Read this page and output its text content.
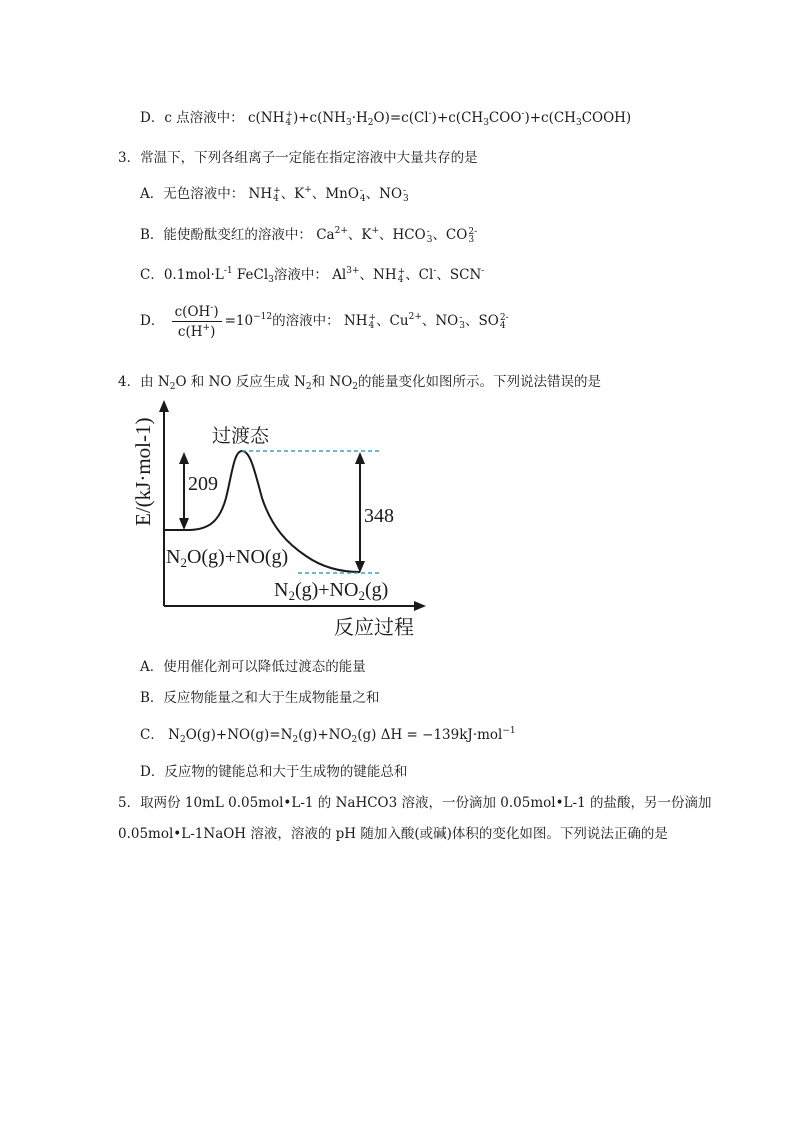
D．c 点溶液中： c(NH+
4 )$+c(NH_3\cdot H_2O)=c(Cl^-)+c(CH_3COO^-)+c(CH_3COOH)$
3．常温下，下列各组离子一定能在指定溶液中大量共存的是
A．无色溶液中： NH+
4 、K+、MnO-
4、NO-
3
B．能使酚酞变红的溶液中： $Ca^{2+}$、K+、HCO-
3、CO2-
3
C．$0.1mol\cdot L^{-1}$ FeCl$_3$溶液中： $Al^{3+}$、NH+
4 、Cl-、SCN-
D． $\frac{c(OH^-)}{c(H^+)} =10^{-12}$的溶液中： NH+
4 、$Cu^{2+}$、NO-
3、SO2-
4
4．由 $N_2O$ 和 NO 反应生成 $N_2$和 $NO_2$的能量变化如图所示。下列说法错误的是
E/(kJ·mol-1)	过渡态
209
348
$N_2O(g)+NO(g)$
$N_2(g)+NO_2(g)$
反应过程
A．使用催化剂可以降低过渡态的能量
B．反应物能量之和大于生成物能量之和
C． $N_2O(g)+NO(g)=N_2(g)+NO_2(g) \Delta H = -139kJ\cdot mol^{-1}$
D．反应物的键能总和大于生成物的键能总和
5．取两份 10mL 0.05mol•L-1 的 NaHCO3 溶液，一份滴加 0.05mol•L-1 的盐酸，另一份滴加
0.05mol•L-1NaOH 溶液，溶液的 pH 随加入酸(或碱)体积的变化如图。下列说法正确的是
